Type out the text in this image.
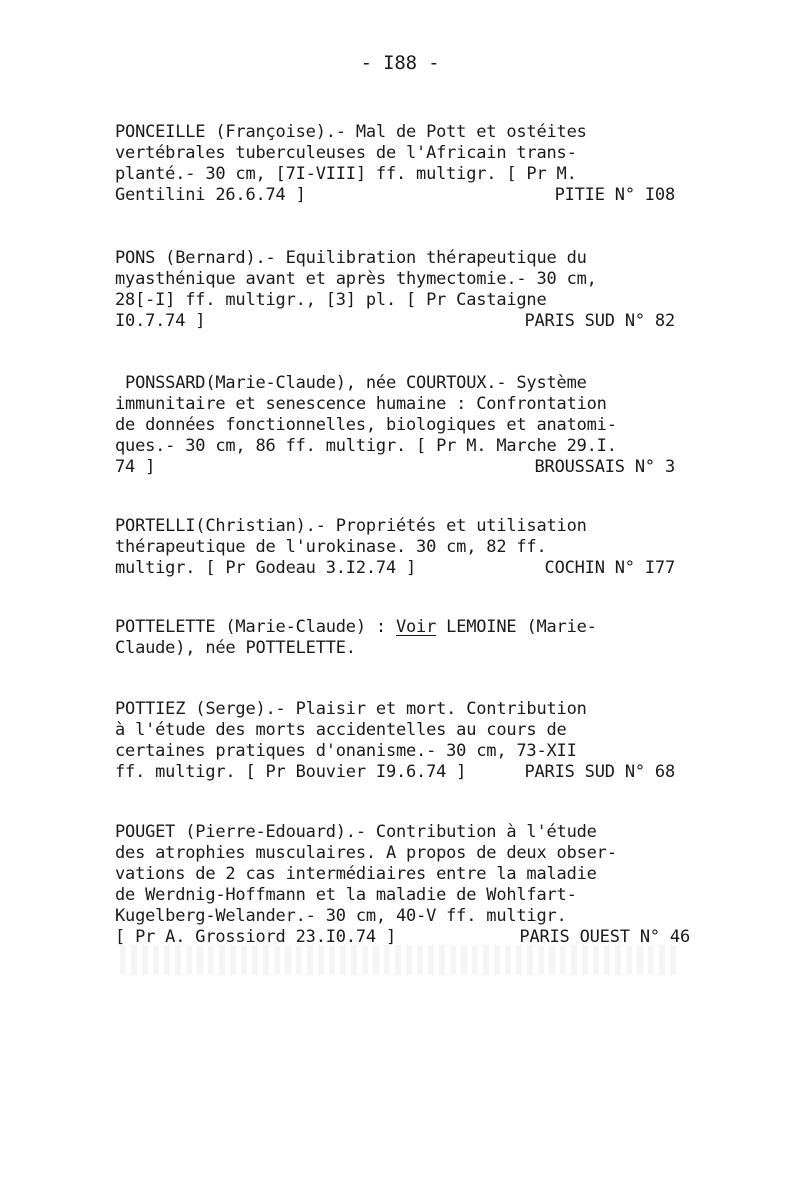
- I88 -
PONCEILLE (Françoise).- Mal de Pott et ostéites
vertébrales tuberculeuses de l'Africain trans-
planté.- 30 cm, [7I-VIII] ff. multigr. [ Pr M.
Gentilini 26.6.74 ]	PITIE N° I08
PONS (Bernard).- Equilibration thérapeutique du
myasthénique avant et après thymectomie.- 30 cm,
28[-I] ff. multigr., [3] pl. [ Pr Castaigne
I0.7.74 ]	PARIS SUD N° 82
PONSSARD(Marie-Claude), née COURTOUX.- Système
immunitaire et senescence humaine : Confrontation
de données fonctionnelles, biologiques et anatomi-
ques.- 30 cm, 86 ff. multigr. [ Pr M. Marche 29.I.
74 ]	BROUSSAIS N° 3
PORTELLI(Christian).- Propriétés et utilisation
thérapeutique de l'urokinase. 30 cm, 82 ff.
multigr. [ Pr Godeau 3.I2.74 ]	COCHIN N° I77
POTTELETTE (Marie-Claude) : Voir LEMOINE (Marie-
Claude), née POTTELETTE.
POTTIEZ (Serge).- Plaisir et mort. Contribution
à l'étude des morts accidentelles au cours de
certaines pratiques d'onanisme.- 30 cm, 73-XII
ff. multigr. [ Pr Bouvier I9.6.74 ]	PARIS SUD N° 68
POUGET (Pierre-Edouard).- Contribution à l'étude
des atrophies musculaires. A propos de deux obser-
vations de 2 cas intermédiaires entre la maladie
de Werdnig-Hoffmann et la maladie de Wohlfart-
Kugelberg-Welander.- 30 cm, 40-V ff. multigr.
[ Pr A. Grossiord 23.I0.74 ]	PARIS OUEST N° 46
